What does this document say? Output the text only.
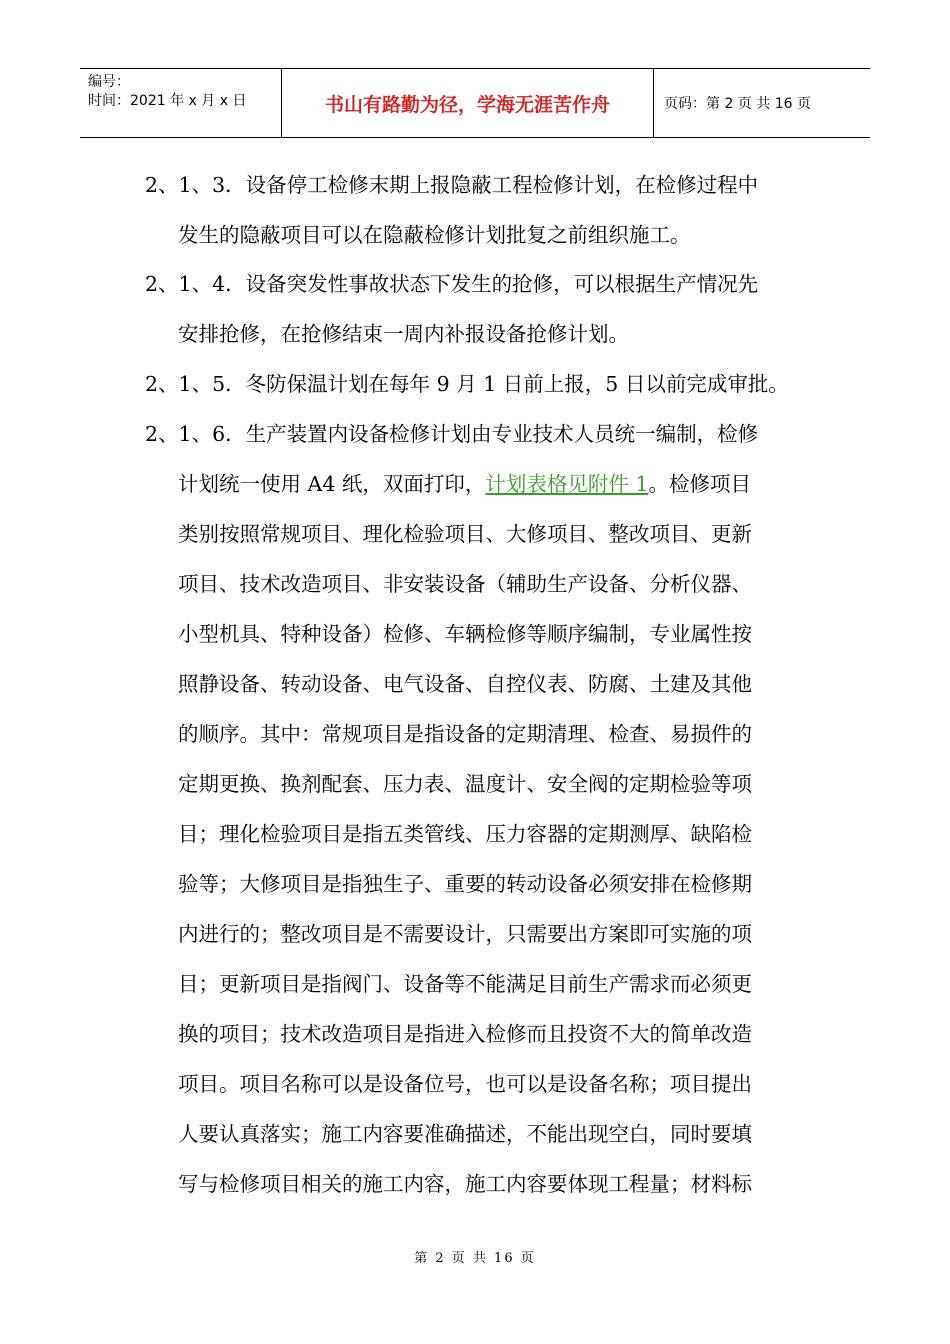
编号：
时间：2021 年 x 月 x 日	书山有路勤为径，学海无涯苦作舟	页码：第 2 页 共 16 页
2、1、3．设备停工检修末期上报隐蔽工程检修计划，在检修过程中
发生的隐蔽项目可以在隐蔽检修计划批复之前组织施工。
2、1、4．设备突发性事故状态下发生的抢修，可以根据生产情况先
安排抢修，在抢修结束一周内补报设备抢修计划。
2、1、5．冬防保温计划在每年 9 月 1 日前上报，5 日以前完成审批。
2、1、6．生产装置内设备检修计划由专业技术人员统一编制，检修
计划统一使用 A4 纸，双面打印，计划表格见附件 1。检修项目
类别按照常规项目、理化检验项目、大修项目、整改项目、更新
项目、技术改造项目、非安装设备（辅助生产设备、分析仪器、
小型机具、特种设备）检修、车辆检修等顺序编制，专业属性按
照静设备、转动设备、电气设备、自控仪表、防腐、土建及其他
的顺序。其中：常规项目是指设备的定期清理、检查、易损件的
定期更换、换剂配套、压力表、温度计、安全阀的定期检验等项
目；理化检验项目是指五类管线、压力容器的定期测厚、缺陷检
验等；大修项目是指独生子、重要的转动设备必须安排在检修期
内进行的；整改项目是不需要设计，只需要出方案即可实施的项
目；更新项目是指阀门、设备等不能满足目前生产需求而必须更
换的项目；技术改造项目是指进入检修而且投资不大的简单改造
项目。项目名称可以是设备位号，也可以是设备名称；项目提出
人要认真落实；施工内容要准确描述，不能出现空白，同时要填
写与检修项目相关的施工内容，施工内容要体现工程量；材料标
第 2 页 共 16 页
